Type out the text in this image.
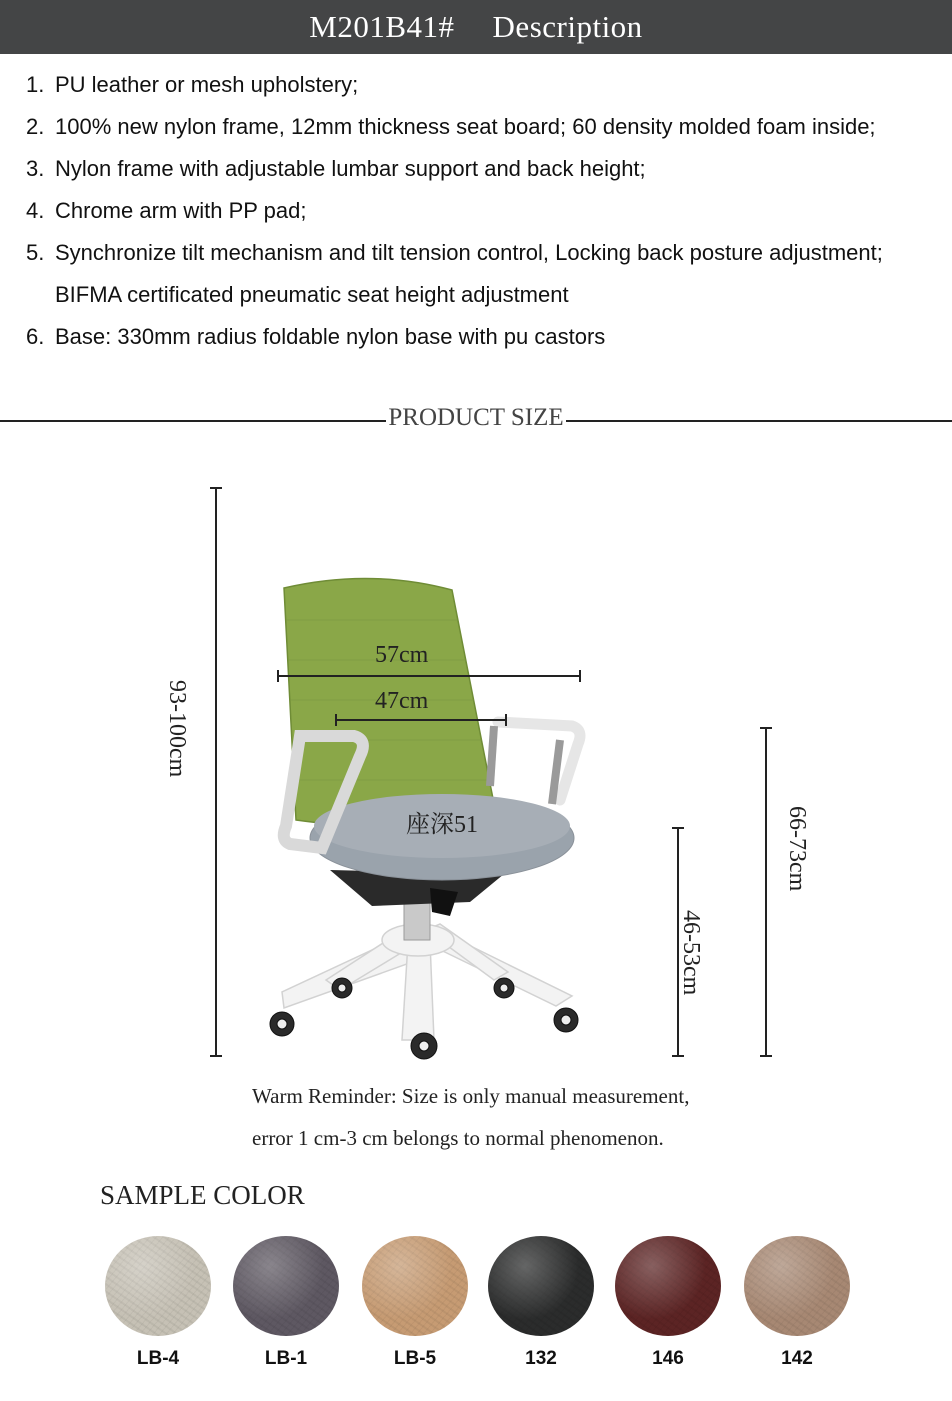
M201B41# Description
1. PU leather or mesh upholstery;
2. 100% new nylon frame, 12mm thickness seat board; 60 density molded foam inside;
3. Nylon frame with adjustable lumbar support and back height;
4. Chrome arm with PP pad;
5. Synchronize tilt mechanism and tilt tension control, Locking back posture adjustment; BIFMA certificated pneumatic seat height adjustment
6. Base: 330mm radius foldable nylon base with pu castors
PRODUCT SIZE
93-100cm
57cm
47cm
座深51
46-53cm
66-73cm
Warm Reminder: Size is only manual measurement,
error 1 cm-3 cm belongs to normal phenomenon.
SAMPLE COLOR
LB-4	LB-1	LB-5	132	146	142
